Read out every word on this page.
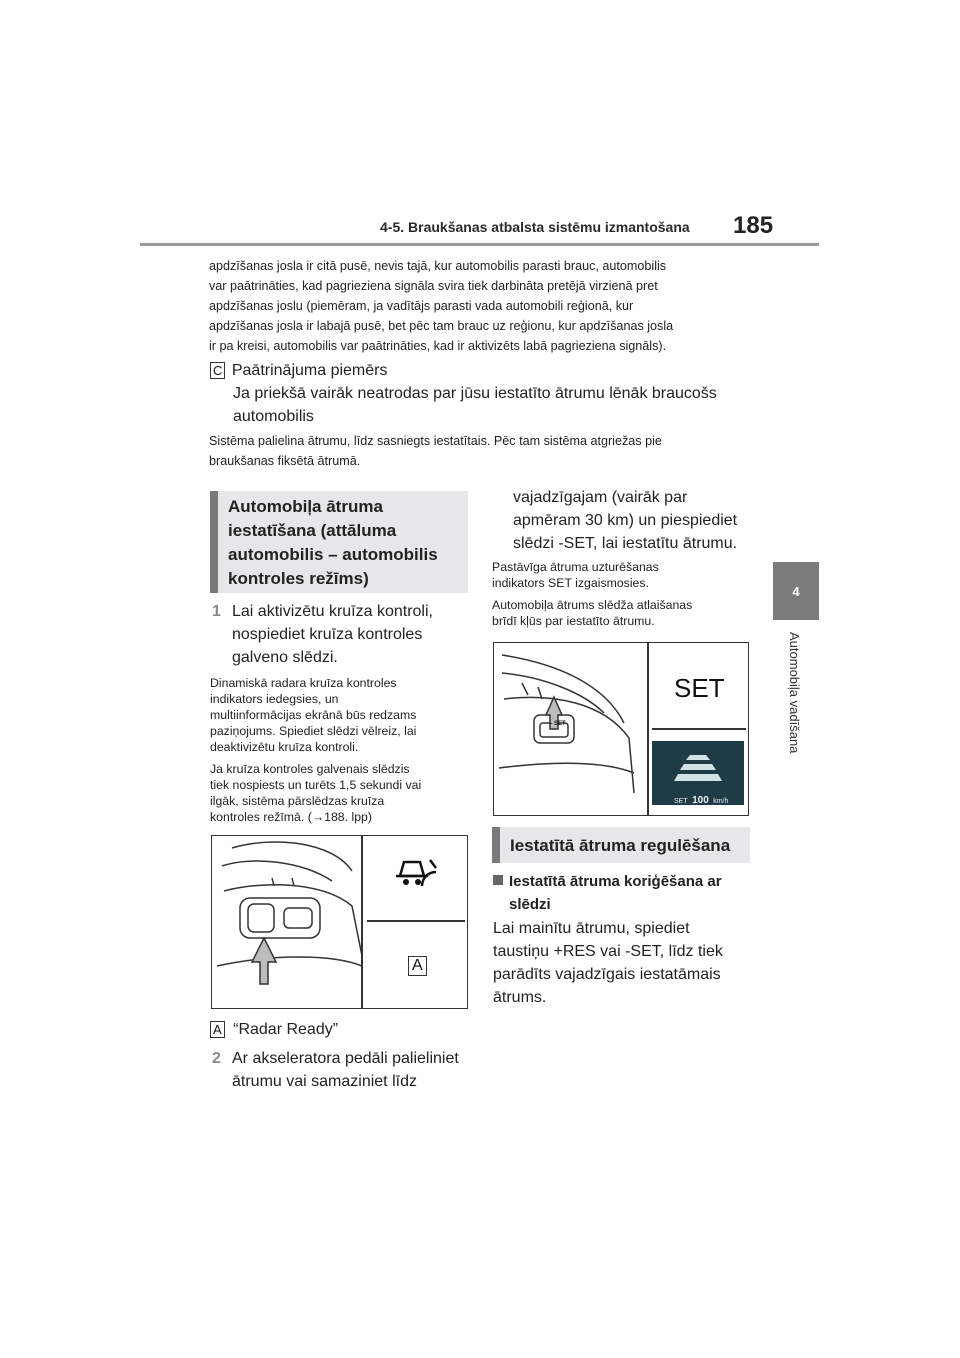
4-5. Braukšanas atbalsta sistēmu izmantošana 185
4
Automobiļa vadīšana
apdzīšanas josla ir citā pusē, nevis tajā, kur automobilis parasti brauc, automobilis
var paātrināties, kad pagrieziena signāla svira tiek darbināta pretējā virzienā pret
apdzīšanas joslu (piemēram, ja vadītājs parasti vada automobili reģionā, kur
apdzīšanas josla ir labajā pusē, bet pēc tam brauc uz reģionu, kur apdzīšanas josla
ir pa kreisi, automobilis var paātrināties, kad ir aktivizēts labā pagrieziena signāls).
C Paātrinājuma piemērs
Ja priekšā vairāk neatrodas par jūsu iestatīto ātrumu lēnāk braucošs
automobilis
Sistēma palielina ātrumu, līdz sasniegts iestatītais. Pēc tam sistēma atgriežas pie
braukšanas fiksētā ātrumā.
Automobiļa ātruma
iestatīšana (attāluma
automobilis – automobilis
kontroles režīms)
1 Lai aktivizētu kruīza kontroli,
nospiediet kruīza kontroles
galveno slēdzi.
Dinamiskā radara kruīza kontroles
indikators iedegsies, un
multiinformācijas ekrānā būs redzams
paziņojums. Spiediet slēdzi vēlreiz, lai
deaktivizētu kruīza kontroli.
Ja kruīza kontroles galvenais slēdzis
tiek nospiests un turēts 1,5 sekundi vai
ilgāk, sistēma pārslēdzas kruīza
kontroles režīmā. (→188. lpp)
A
A “Radar Ready”
2 Ar akseleratora pedāli palieliniet
ātrumu vai samaziniet līdz
vajadzīgajam (vairāk par
apmēram 30 km) un piespiediet
slēdzi -SET, lai iestatītu ātrumu.
Pastāvīga ātruma uzturēšanas
indikators SET izgaismosies.
Automobiļa ātrums slēdža atlaišanas
brīdī kļūs par iestatīto ātrumu.
SET
– SET
SET 100 km/h
Iestatītā ātruma regulēšana
Iestatītā ātruma koriģēšana ar
slēdzi
Lai mainītu ātrumu, spiediet
taustiņu +RES vai -SET, līdz tiek
parādīts vajadzīgais iestatāmais
ātrums.
